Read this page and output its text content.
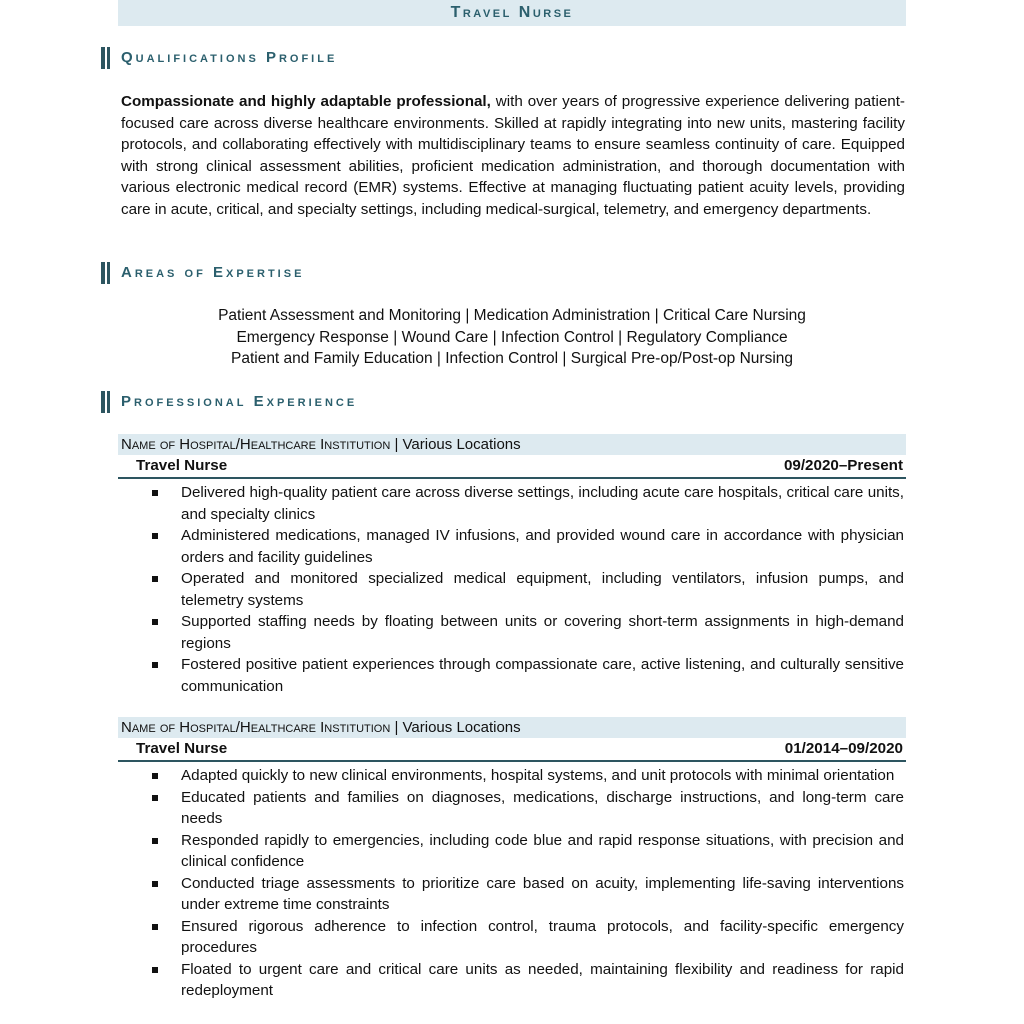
Travel Nurse
Qualifications Profile

Compassionate and highly adaptable professional, with over years of progressive experience delivering patient-focused care across diverse healthcare environments. Skilled at rapidly integrating into new units, mastering facility protocols, and collaborating effectively with multidisciplinary teams to ensure seamless continuity of care. Equipped with strong clinical assessment abilities, proficient medication administration, and thorough documentation with various electronic medical record (EMR) systems. Effective at managing fluctuating patient acuity levels, providing care in acute, critical, and specialty settings, including medical-surgical, telemetry, and emergency departments.

Areas of Expertise
Patient Assessment and Monitoring | Medication Administration | Critical Care Nursing
Emergency Response | Wound Care | Infection Control | Regulatory Compliance
Patient and Family Education | Infection Control | Surgical Pre-op/Post-op Nursing
Professional Experience
Name of Hospital/Healthcare Institution | Various Locations
Travel Nurse	09/2020–Present
Delivered high-quality patient care across diverse settings, including acute care hospitals, critical care units, and specialty clinics
Administered medications, managed IV infusions, and provided wound care in accordance with physician orders and facility guidelines
Operated and monitored specialized medical equipment, including ventilators, infusion pumps, and telemetry systems
Supported staffing needs by floating between units or covering short-term assignments in high-demand regions
Fostered positive patient experiences through compassionate care, active listening, and culturally sensitive communication
Name of Hospital/Healthcare Institution | Various Locations
Travel Nurse	01/2014–09/2020
Adapted quickly to new clinical environments, hospital systems, and unit protocols with minimal orientation
Educated patients and families on diagnoses, medications, discharge instructions, and long-term care needs
Responded rapidly to emergencies, including code blue and rapid response situations, with precision and clinical confidence
Conducted triage assessments to prioritize care based on acuity, implementing life-saving interventions under extreme time constraints
Ensured rigorous adherence to infection control, trauma protocols, and facility-specific emergency procedures
Floated to urgent care and critical care units as needed, maintaining flexibility and readiness for rapid redeployment
